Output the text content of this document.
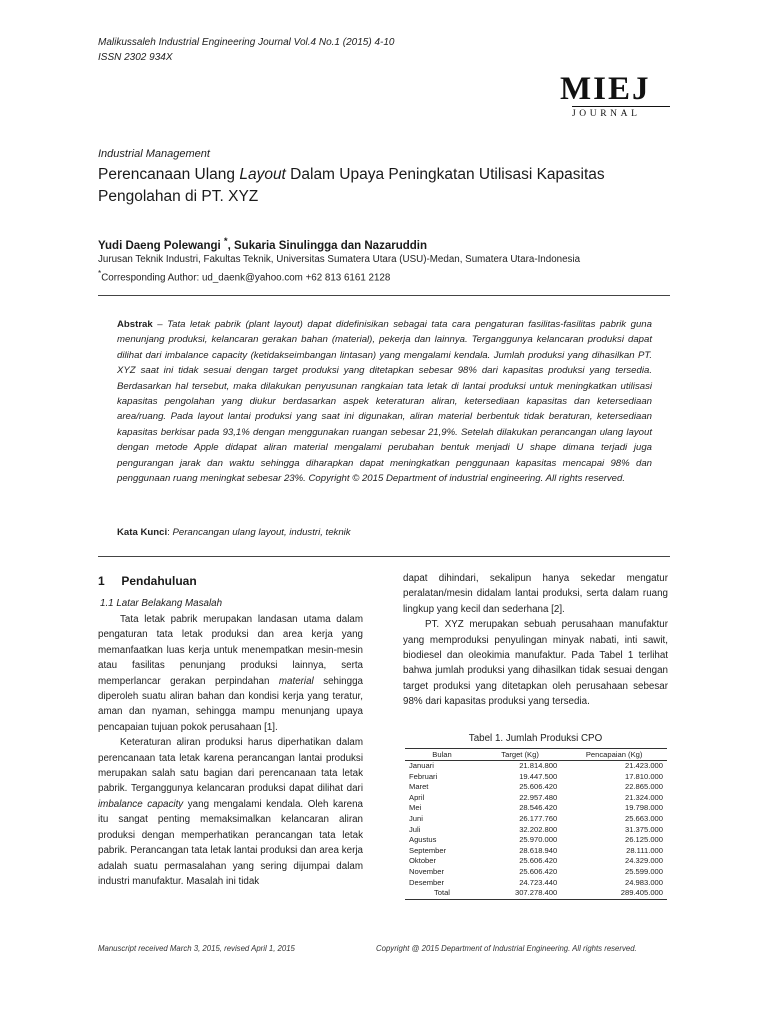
Malikussaleh Industrial Engineering Journal Vol.4 No.1 (2015) 4-10
ISSN 2302 934X
MIEJ
JOURNAL
Industrial Management
Perencanaan Ulang Layout Dalam Upaya Peningkatan Utilisasi Kapasitas Pengolahan di PT. XYZ
Yudi Daeng Polewangi *, Sukaria Sinulingga dan Nazaruddin
Jurusan Teknik Industri, Fakultas Teknik, Universitas Sumatera Utara (USU)-Medan, Sumatera Utara-Indonesia
*Corresponding Author: ud_daenk@yahoo.com +62 813 6161 2128
Abstrak – Tata letak pabrik (plant layout) dapat didefinisikan sebagai tata cara pengaturan fasilitas-fasilitas pabrik guna menunjang produksi, kelancaran gerakan bahan (material), pekerja dan lainnya. Terganggunya kelancaran produksi dapat dilihat dari imbalance capacity (ketidakseimbangan lintasan) yang mengalami kendala. Jumlah produksi yang dihasilkan PT. XYZ saat ini tidak sesuai dengan target produksi yang ditetapkan sebesar 98% dari kapasitas produksi yang tersedia. Berdasarkan hal tersebut, maka dilakukan penyusunan rangkaian tata letak di lantai produksi untuk meningkatkan utilisasi kapasitas pengolahan yang diukur berdasarkan aspek keteraturan aliran, ketersediaan kapasitas dan ketersediaan area/ruang. Pada layout lantai produksi yang saat ini digunakan, aliran material berbentuk tidak beraturan, ketersediaan kapasitas berkisar pada 93,1% dengan menggunakan ruangan sebesar 21,9%. Setelah dilakukan perancangan ulang layout dengan metode Apple didapat aliran material mengalami perubahan bentuk menjadi U shape dimana terjadi juga pengurangan jarak dan waktu sehingga diharapkan dapat meningkatkan penggunaan kapasitas mencapai 98% dan penggunaan ruang meningkat sebesar 23%. Copyright © 2015 Department of industrial engineering. All rights reserved.
Kata Kunci: Perancangan ulang layout, industri, teknik
1 Pendahuluan
1.1 Latar Belakang Masalah

Tata letak pabrik merupakan landasan utama dalam pengaturan tata letak produksi dan area kerja yang memanfaatkan luas kerja untuk menempatkan mesin-mesin atau fasilitas penunjang produksi lainnya, serta memperlancar gerakan perpindahan material sehingga diperoleh suatu aliran bahan dan kondisi kerja yang teratur, aman dan nyaman, sehingga mampu menunjang upaya pencapaian tujuan pokok perusahaan [1].

Keteraturan aliran produksi harus diperhatikan dalam perencanaan tata letak karena perancangan lantai produksi merupakan salah satu bagian dari perencanaan tata letak pabrik. Terganggunya kelancaran produksi dapat dilihat dari imbalance capacity yang mengalami kendala. Oleh karena itu sangat penting memaksimalkan kelancaran aliran produksi dengan memperhatikan perancangan tata letak pabrik. Perancangan tata letak lantai produksi dan area kerja adalah suatu permasalahan yang sering dijumpai dalam industri manufaktur. Masalah ini tidak

dapat dihindari, sekalipun hanya sekedar mengatur peralatan/mesin didalam lantai produksi, serta dalam ruang lingkup yang kecil dan sederhana [2].

PT. XYZ merupakan sebuah perusahaan manufaktur yang memproduksi penyulingan minyak nabati, inti sawit, biodiesel dan oleokimia manufaktur. Pada Tabel 1 terlihat bahwa jumlah produksi yang dihasilkan tidak sesuai dengan target produksi yang ditetapkan oleh perusahaan sebesar 98% dari kapasitas produksi yang tersedia.

Tabel 1. Jumlah Produksi CPO
Bulan	Target (Kg)	Pencapaian (Kg)
Januari	21.814.800	21.423.000
Februari	19.447.500	17.810.000
Maret	25.606.420	22.865.000
April	22.957.480	21.324.000
Mei	28.546.420	19.798.000
Juni	26.177.760	25.663.000
Juli	32.202.800	31.375.000
Agustus	25.970.000	26.125.000
September	28.618.940	28.111.000
Oktober	25.606.420	24.329.000
November	25.606.420	25.599.000
Desember	24.723.440	24.983.000
Total	307.278.400	289.405.000
Manuscript received March 3, 2015, revised April 1, 2015	Copyright @ 2015 Department of Industrial Engineering. All rights reserved.
